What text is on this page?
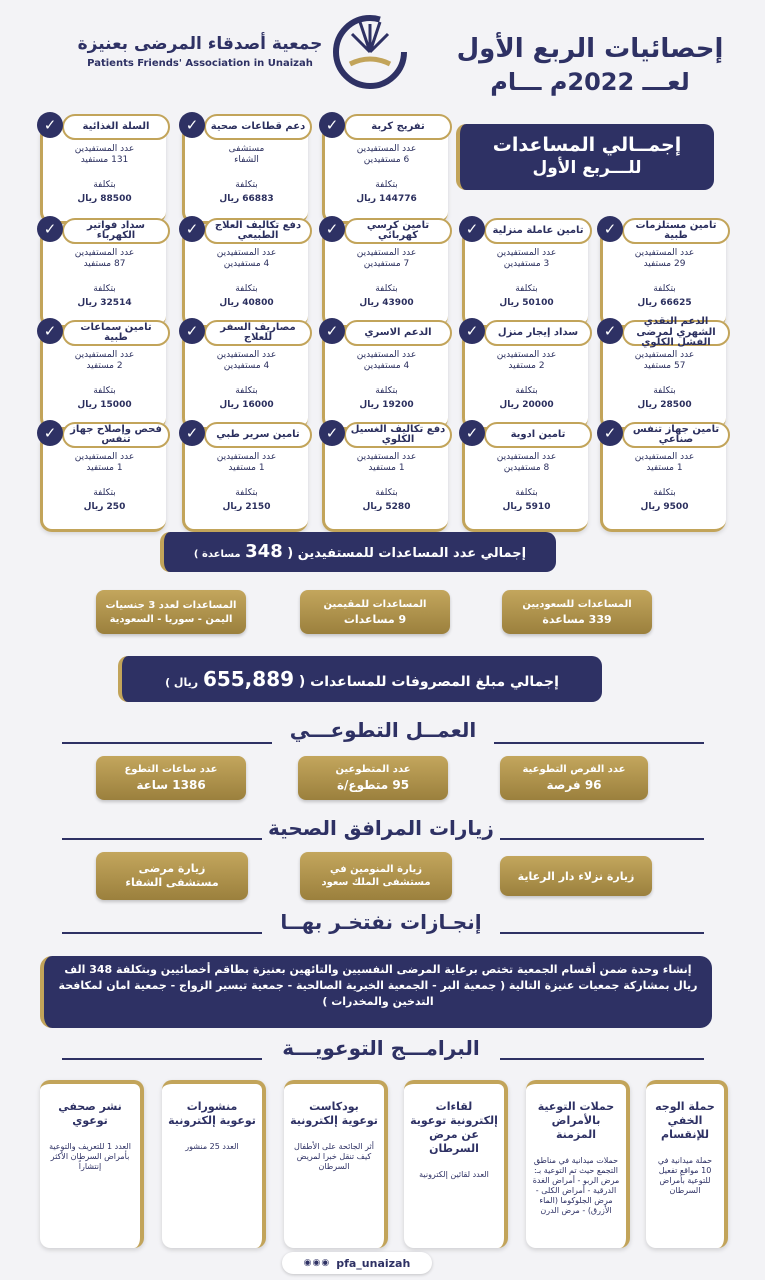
إحصائيات الربع الأول
لعـــ 2022م ـــام
جمعية أصدقاء المرضى بعنيزة
Patients Friends' Association in Unaizah
إجمــالي المساعدات
للـــربع الأول
السلة الغذائية
✓
عدد المستفيدين
131 مستفيد
بتكلفة
88500 ريال
دعم قطاعات صحية
✓
مستشفى
الشفاء
بتكلفة
66883 ريال
تفريج كربة
✓
عدد المستفيدين
6 مستفيدين
بتكلفة
144776 ريال
سداد فواتير الكهرباء
✓
عدد المستفيدين
87 مستفيد
بتكلفة
32514 ريال
دفع تكاليف العلاج الطبيعي
✓
عدد المستفيدين
4 مستفيدين
بتكلفة
40800 ريال
تامين كرسي كهربائي
✓
عدد المستفيدين
7 مستفيدين
بتكلفة
43900 ريال
تامين عاملة منزلية
✓
عدد المستفيدين
3 مستفيدين
بتكلفة
50100 ريال
تامين مستلزمات طبية
✓
عدد المستفيدين
29 مستفيد
بتكلفة
66625 ريال
تامين سماعات طبية
✓
عدد المستفيدين
2 مستفيد
بتكلفة
15000 ريال
مصاريف السفر للعلاج
✓
عدد المستفيدين
4 مستفيدين
بتكلفة
16000 ريال
الدعم الاسري
✓
عدد المستفيدين
4 مستفيدين
بتكلفة
19200 ريال
سداد إيجار منزل
✓
عدد المستفيدين
2 مستفيد
بتكلفة
20000 ريال
الدعم النقدي الشهري لمرضى الفشل الكلوي
✓
عدد المستفيدين
57 مستفيد
بتكلفة
28500 ريال
فحص وإصلاح جهاز تنفس
✓
عدد المستفيدين
1 مستفيد
بتكلفة
250 ريال
تامين سرير طبي
✓
عدد المستفيدين
1 مستفيد
بتكلفة
2150 ريال
دفع تكاليف الغسيل الكلوي
✓
عدد المستفيدين
1 مستفيد
بتكلفة
5280 ريال
تامين ادوية
✓
عدد المستفيدين
8 مستفيدين
بتكلفة
5910 ريال
تامين جهاز تنفس صناعي
✓
عدد المستفيدين
1 مستفيد
بتكلفة
9500 ريال
إجمالي عدد المساعدات للمستفيدين ( 348 مساعدة )
المساعدات للسعوديين
339 مساعدة
المساعدات للمقيمين
9 مساعدات
المساعدات لعدد 3 جنسيات
اليمن - سوريا - السعودية
إجمالي مبلغ المصروفات للمساعدات ( 655,889 ريال )
العمــل التطوعـــي
عدد الفرص التطوعية
96 فرصة
عدد المتطوعين
95 متطوع/ة
عدد ساعات التطوع
1386 ساعة
زيارات المرافق الصحية
زيارة نزلاء دار الرعاية
زيارة المنومين في مستشفى الملك سعود
زيارة مرضى مستشفى الشفاء
إنجـازات نفتخـر بهــا
إنشاء وحدة ضمن أقسام الجمعية تختص برعاية المرضى النفسيين والتائهين بعنيزة بطاقم أخصائيين وبتكلفة 348 الف ريال بمشاركة جمعيات عنيزة التالية ( جمعية البر - الجمعية الخيرية الصالحية - جمعية تيسير الزواج - جمعية امان لمكافحة التدخين والمخدرات )
البرامـــج التوعويـــة
حملة الوجه الخفي للإنقسام
حملة ميدانية في 10 مواقع تفعيل للتوعية بأمراض السرطان
حملات التوعية بالأمراض المزمنة
حملات ميدانية في مناطق التجمع حيث تم التوعية بـ: مرض الربو - أمراض الغدة الدرقية - أمراض الكلى - مرض الجلوكوما (الماء الأزرق) - مرض الدرن
لقاءات إلكترونية توعوية عن مرض السرطان
العدد لقائين إلكترونية
بودكاست توعوية إلكترونية
أثر الجائحة على الأطفال كيف تنقل خبرا لمريض السرطان
منشورات توعوية إلكترونية
العدد 25 منشور
نشر صحفي توعوي
العدد 1 للتعريف والتوعية بأمراض السرطان الأكثر إنتشاراً
◉◉◉ pfa_unaizah
